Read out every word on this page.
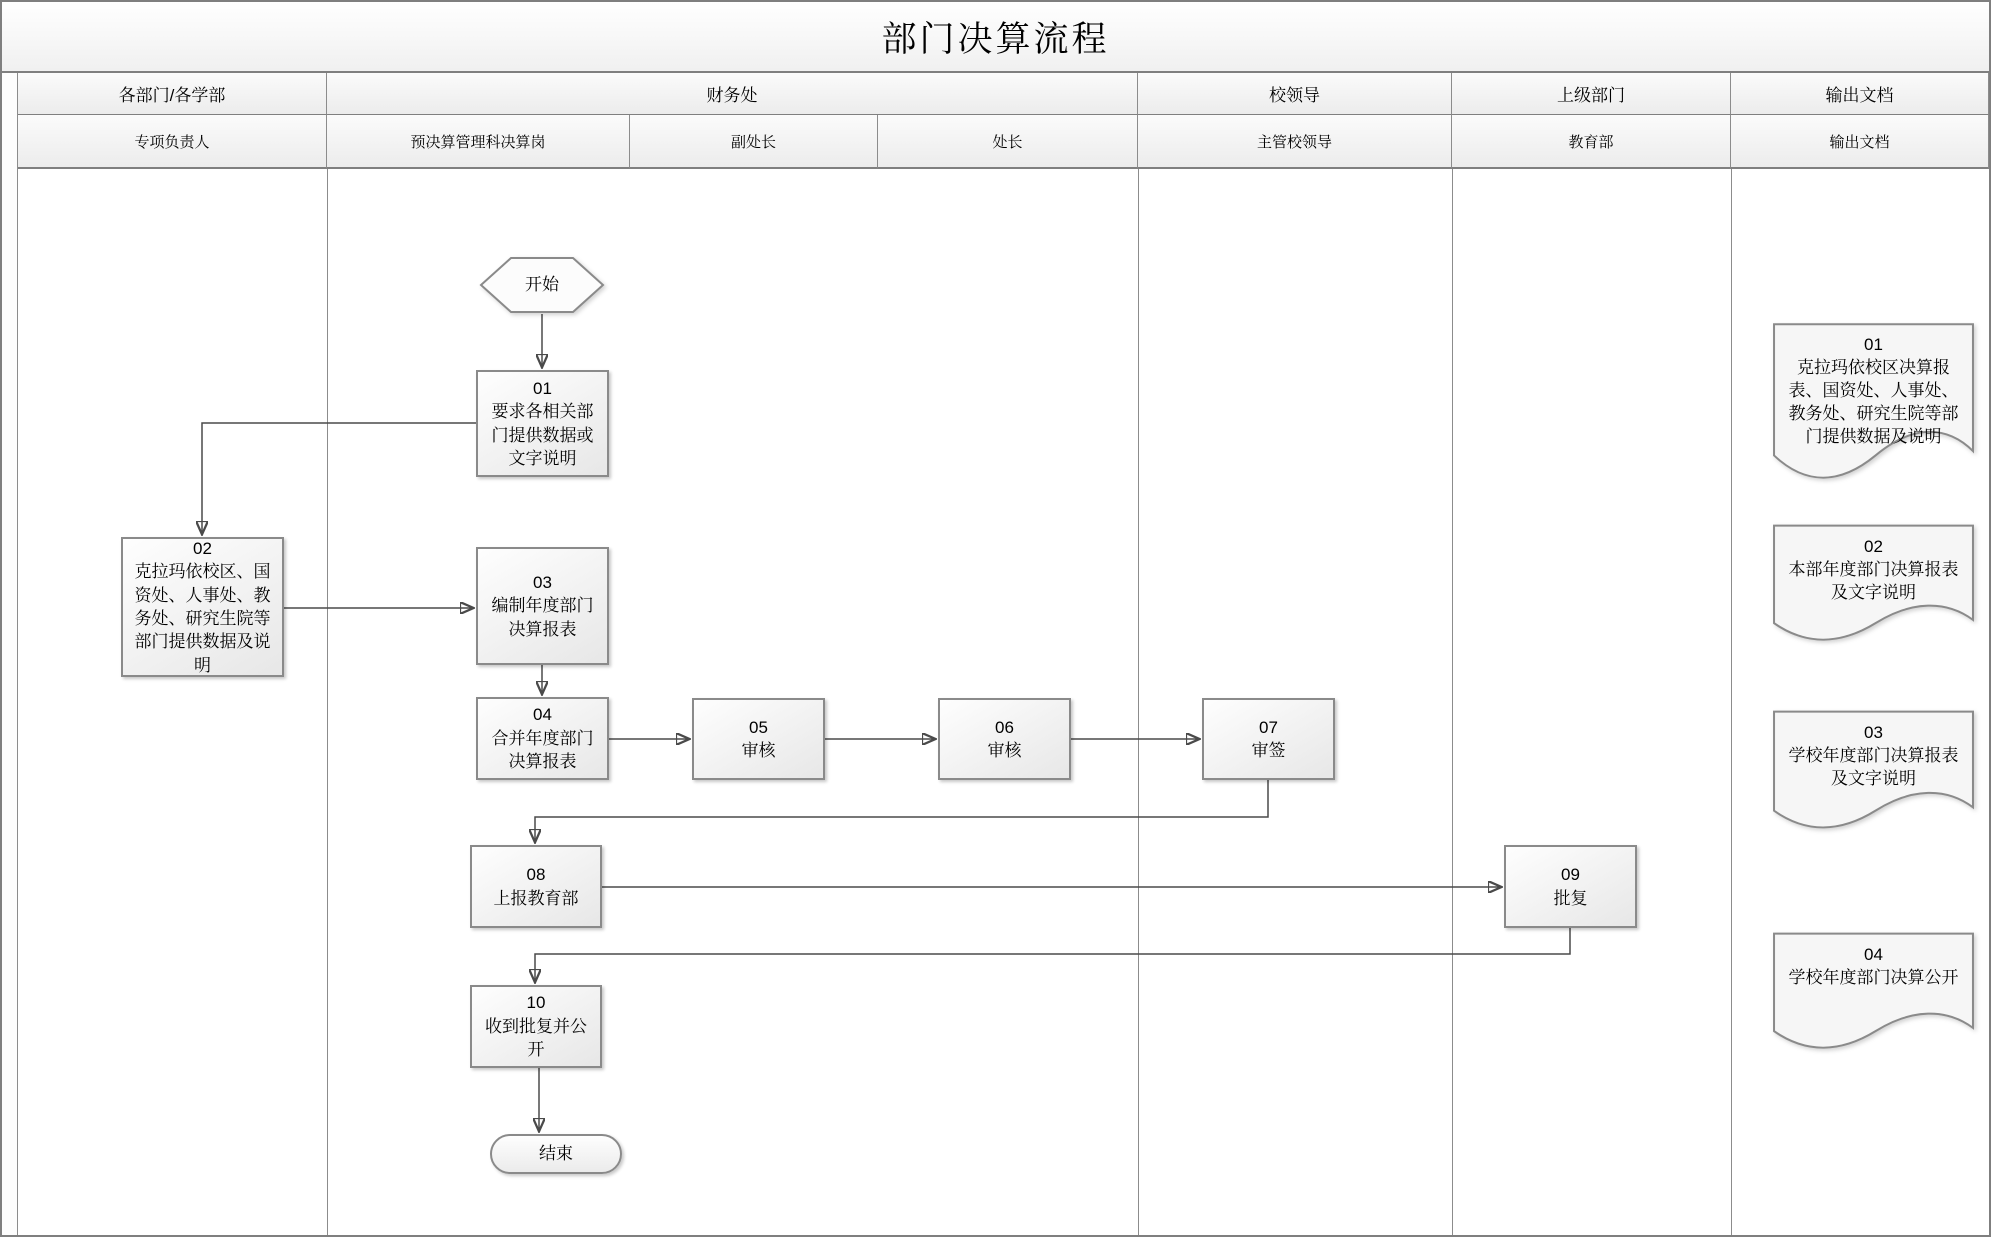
部门决算流程
各部门/各学部	财务处	校领导	上级部门	输出文档
专项负责人	预决算管理科决算岗	副处长	处长	主管校领导	教育部	输出文档
开始
01
要求各相关部门提供数据或文字说明
02
克拉玛依校区、国资处、人事处、教务处、研究生院等部门提供数据及说明
03
编制年度部门决算报表
04
合并年度部门决算报表
05
审核
06
审核
07
审签
08
上报教育部
09
批复
10
收到批复并公开
结束
01
克拉玛依校区决算报表、国资处、人事处、教务处、研究生院等部门提供数据及说明
02
本部年度部门决算报表及文字说明
03
学校年度部门决算报表及文字说明
04
学校年度部门决算公开
